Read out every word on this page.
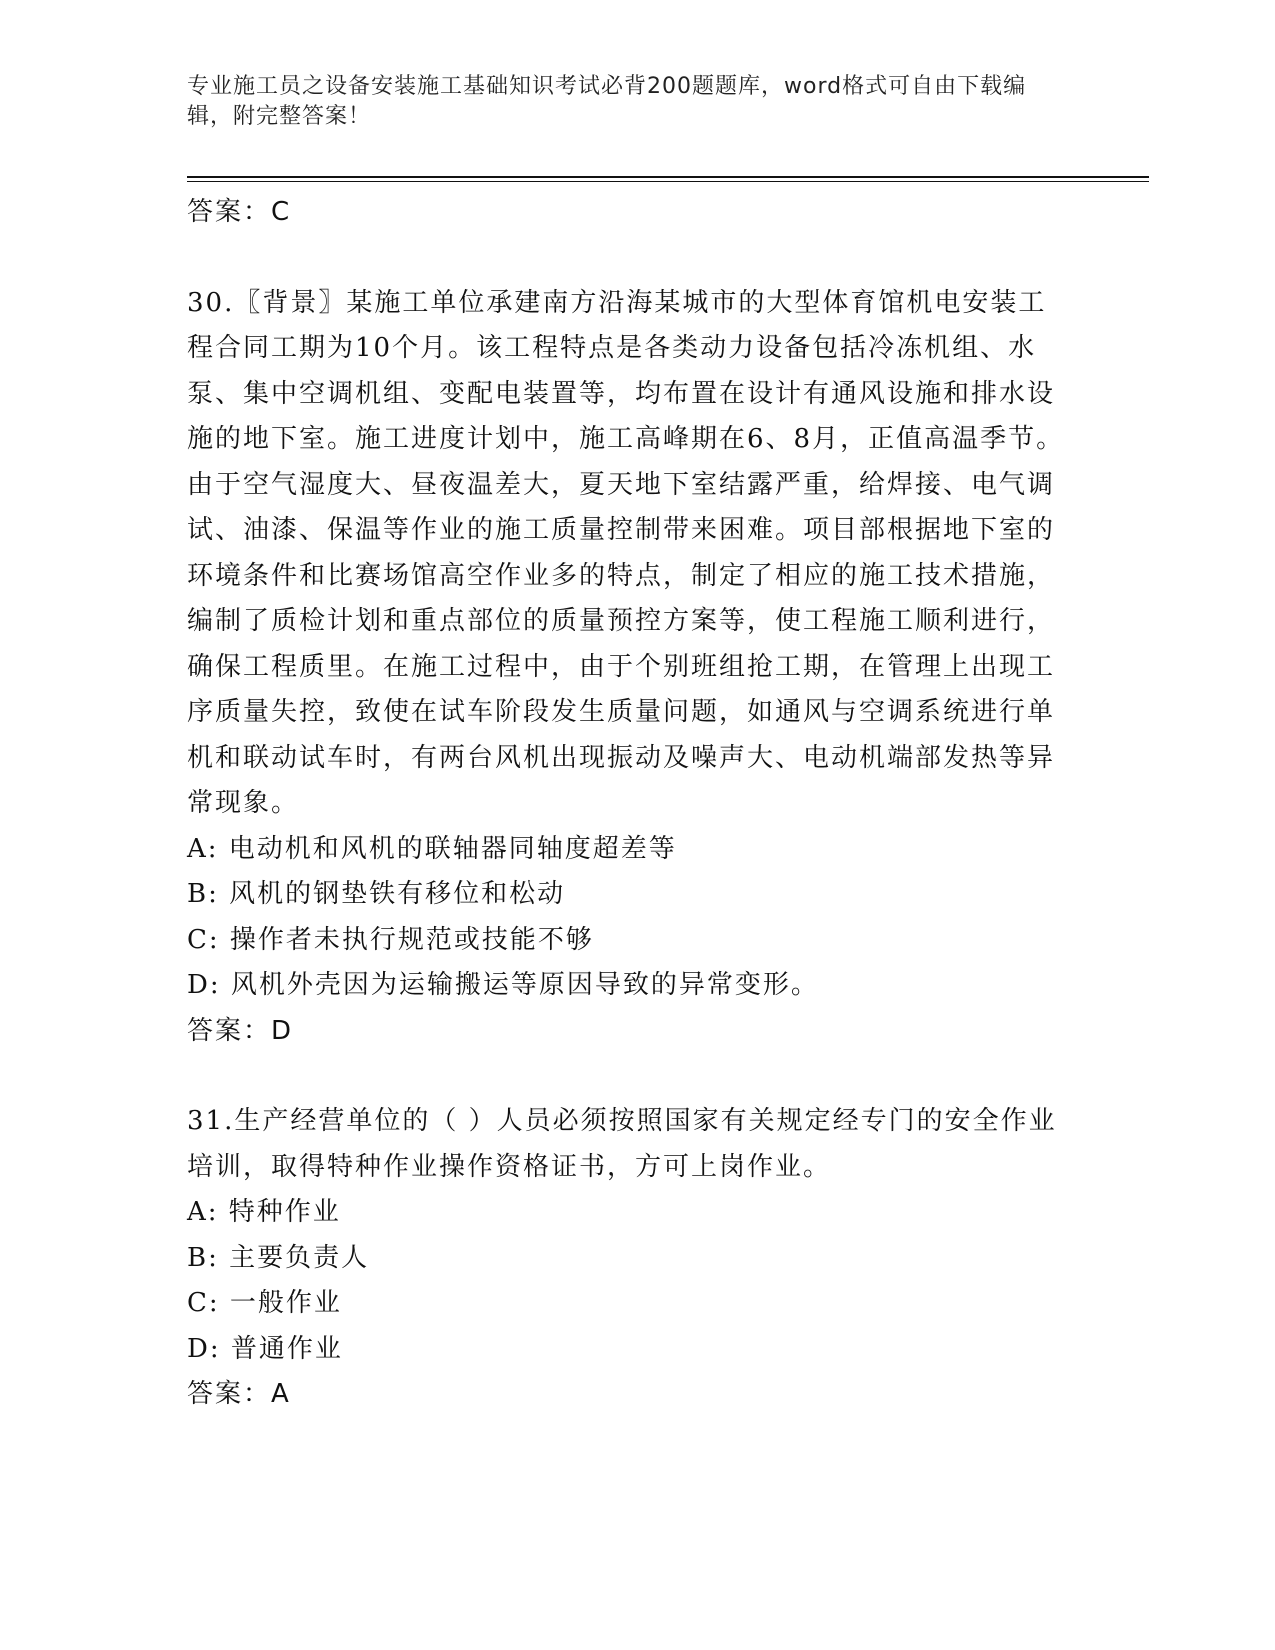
专业施工员之设备安装施工基础知识考试必背200题题库，word格式可自由下载编辑，附完整答案！
答案：C
30.〖背景〗某施工单位承建南方沿海某城市的大型体育馆机电安装工程合同工期为10个月。该工程特点是各类动力设备包括冷冻机组、水泵、集中空调机组、变配电装置等，均布置在设计有通风设施和排水设施的地下室。施工进度计划中，施工高峰期在6、8月，正值高温季节。由于空气湿度大、昼夜温差大，夏天地下室结露严重，给焊接、电气调试、油漆、保温等作业的施工质量控制带来困难。项目部根据地下室的环境条件和比赛场馆高空作业多的特点，制定了相应的施工技术措施，编制了质检计划和重点部位的质量预控方案等，使工程施工顺利进行，确保工程质里。在施工过程中，由于个别班组抢工期，在管理上出现工序质量失控，致使在试车阶段发生质量问题，如通风与空调系统进行单机和联动试车时，有两台风机出现振动及噪声大、电动机端部发热等异常现象。
A: 电动机和风机的联轴器同轴度超差等
B: 风机的钢垫铁有移位和松动
C: 操作者未执行规范或技能不够
D: 风机外壳因为运输搬运等原因导致的异常变形。
答案：D
31.生产经营单位的（ ）人员必须按照国家有关规定经专门的安全作业培训，取得特种作业操作资格证书，方可上岗作业。
A: 特种作业
B: 主要负责人
C: 一般作业
D: 普通作业
答案：A
